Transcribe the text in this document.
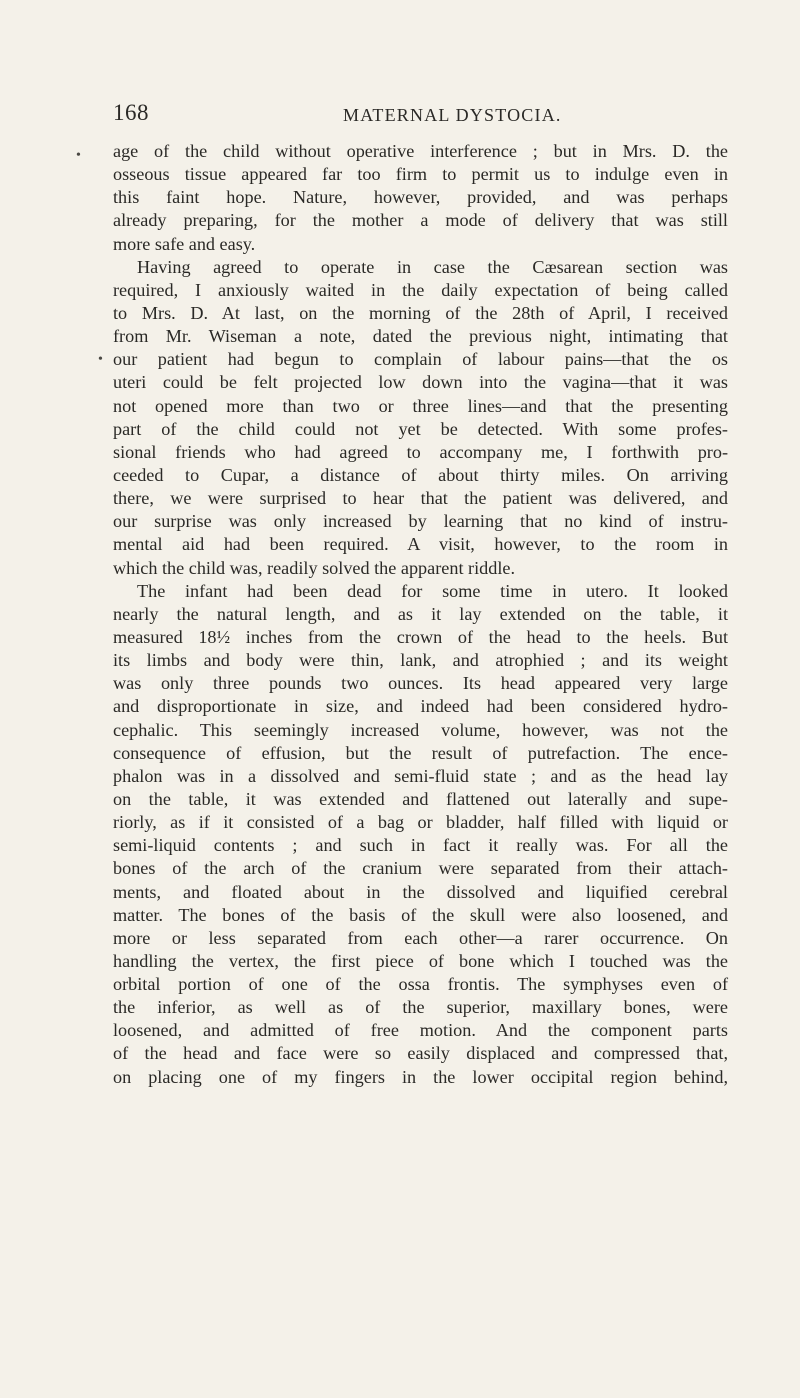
168	MATERNAL DYSTOCIA.
•
•
age of the child without operative interference ; but in Mrs. D. the
osseous tissue appeared far too firm to permit us to indulge even in
this faint hope. Nature, however, provided, and was perhaps
already preparing, for the mother a mode of delivery that was still
more safe and easy.
Having agreed to operate in case the Cæsarean section was
required, I anxiously waited in the daily expectation of being called
to Mrs. D. At last, on the morning of the 28th of April, I received
from Mr. Wiseman a note, dated the previous night, intimating that
our patient had begun to complain of labour pains—that the os
uteri could be felt projected low down into the vagina—that it was
not opened more than two or three lines—and that the presenting
part of the child could not yet be detected. With some profes-
sional friends who had agreed to accompany me, I forthwith pro-
ceeded to Cupar, a distance of about thirty miles. On arriving
there, we were surprised to hear that the patient was delivered, and
our surprise was only increased by learning that no kind of instru-
mental aid had been required. A visit, however, to the room in
which the child was, readily solved the apparent riddle.
The infant had been dead for some time in utero. It looked
nearly the natural length, and as it lay extended on the table, it
measured 18½ inches from the crown of the head to the heels. But
its limbs and body were thin, lank, and atrophied ; and its weight
was only three pounds two ounces. Its head appeared very large
and disproportionate in size, and indeed had been considered hydro-
cephalic. This seemingly increased volume, however, was not the
consequence of effusion, but the result of putrefaction. The ence-
phalon was in a dissolved and semi-fluid state ; and as the head lay
on the table, it was extended and flattened out laterally and supe-
riorly, as if it consisted of a bag or bladder, half filled with liquid or
semi-liquid contents ; and such in fact it really was. For all the
bones of the arch of the cranium were separated from their attach-
ments, and floated about in the dissolved and liquified cerebral
matter. The bones of the basis of the skull were also loosened, and
more or less separated from each other—a rarer occurrence. On
handling the vertex, the first piece of bone which I touched was the
orbital portion of one of the ossa frontis. The symphyses even of
the inferior, as well as of the superior, maxillary bones, were
loosened, and admitted of free motion. And the component parts
of the head and face were so easily displaced and compressed that,
on placing one of my fingers in the lower occipital region behind,
